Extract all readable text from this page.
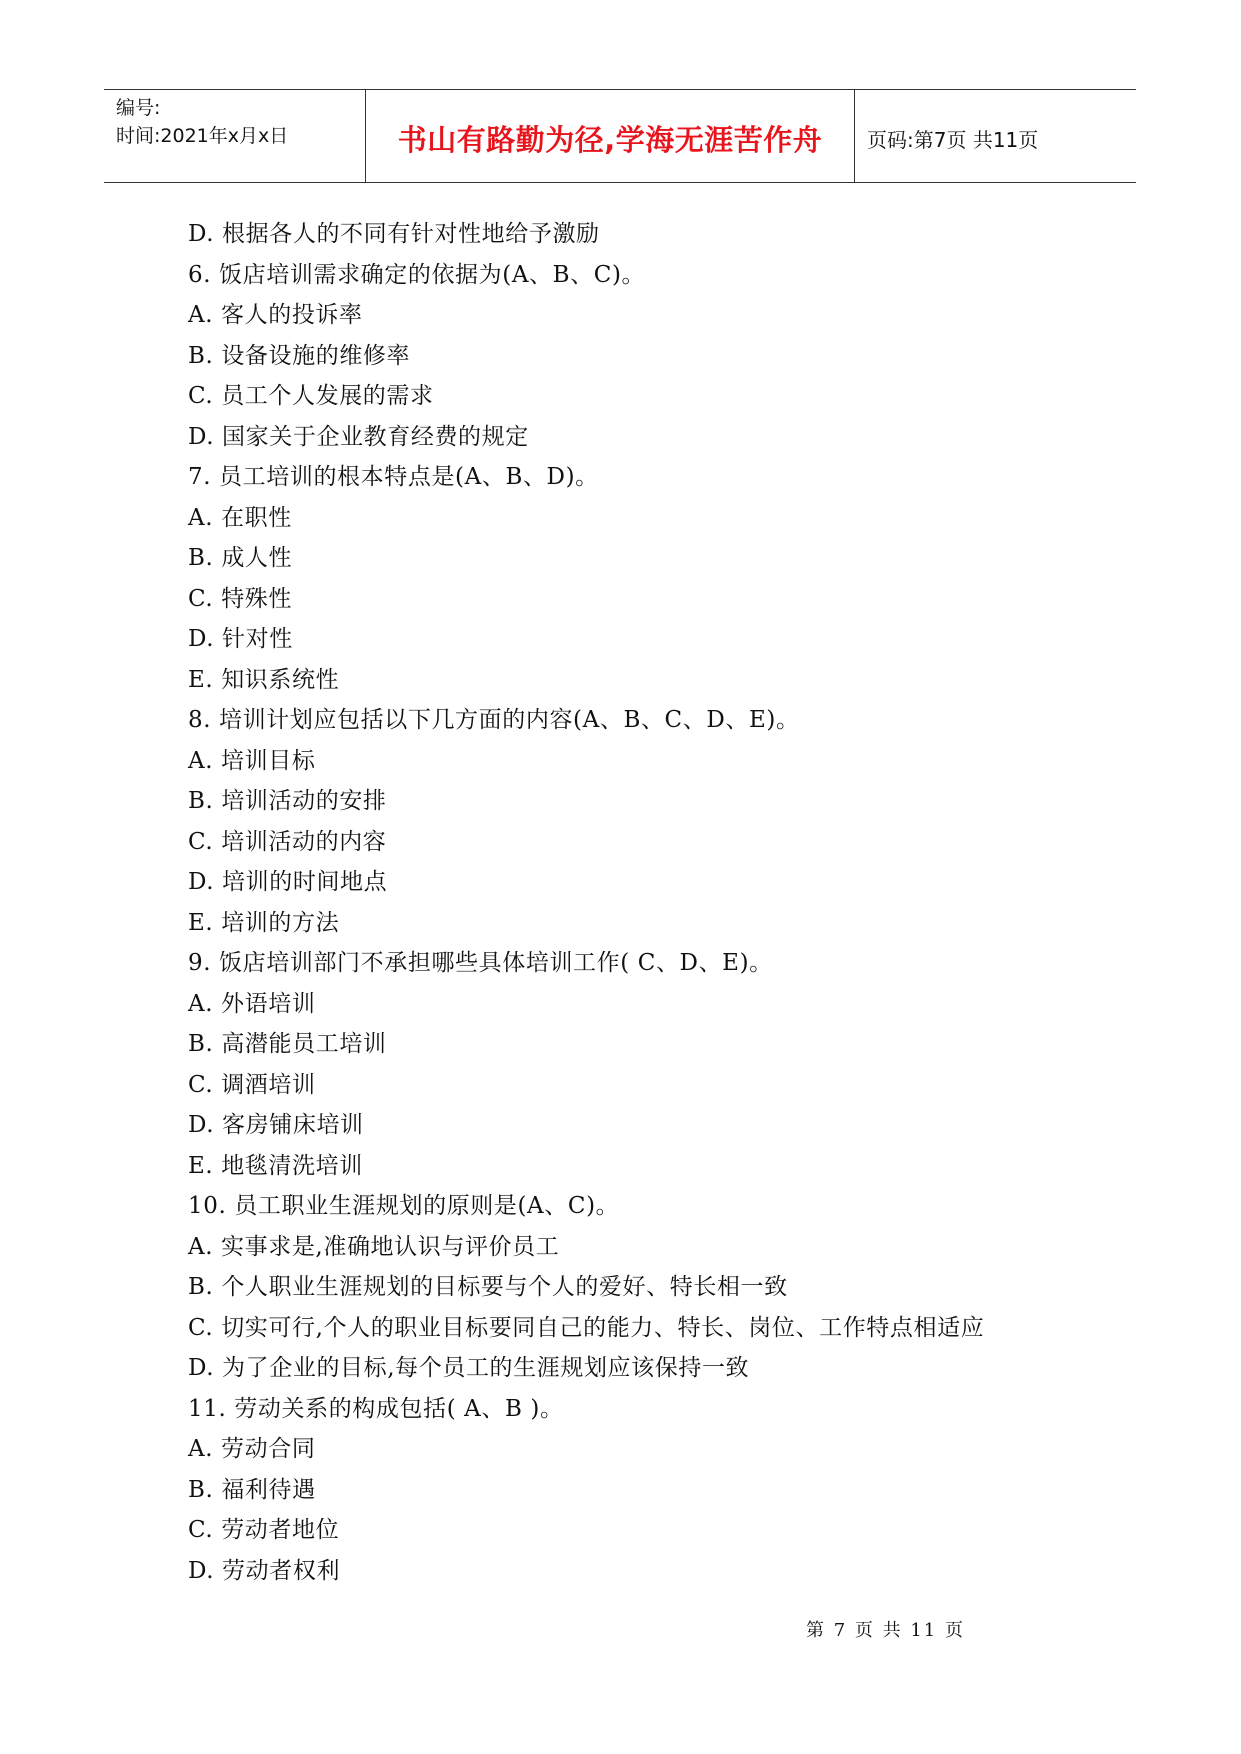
编号:
时间:2021年x月x日	书山有路勤为径,学海无涯苦作舟	页码:第7页 共11页
D. 根据各人的不同有针对性地给予激励
6. 饭店培训需求确定的依据为(A、B、C)。
A. 客人的投诉率
B. 设备设施的维修率
C. 员工个人发展的需求
D. 国家关于企业教育经费的规定
7. 员工培训的根本特点是(A、B、D)。
A. 在职性
B. 成人性
C. 特殊性
D. 针对性
E. 知识系统性
8. 培训计划应包括以下几方面的内容(A、B、C、D、E)。
A. 培训目标
B. 培训活动的安排
C. 培训活动的内容
D. 培训的时间地点
E. 培训的方法
9. 饭店培训部门不承担哪些具体培训工作( C、D、E)。
A. 外语培训
B. 高潜能员工培训
C. 调酒培训
D. 客房铺床培训
E. 地毯清洗培训
10. 员工职业生涯规划的原则是(A、C)。
A. 实事求是,准确地认识与评价员工
B. 个人职业生涯规划的目标要与个人的爱好、特长相一致
C. 切实可行,个人的职业目标要同自己的能力、特长、岗位、工作特点相适应
D. 为了企业的目标,每个员工的生涯规划应该保持一致
11. 劳动关系的构成包括( A、B )。
A. 劳动合同
B. 福利待遇
C. 劳动者地位
D. 劳动者权利
第 7 页 共 11 页
